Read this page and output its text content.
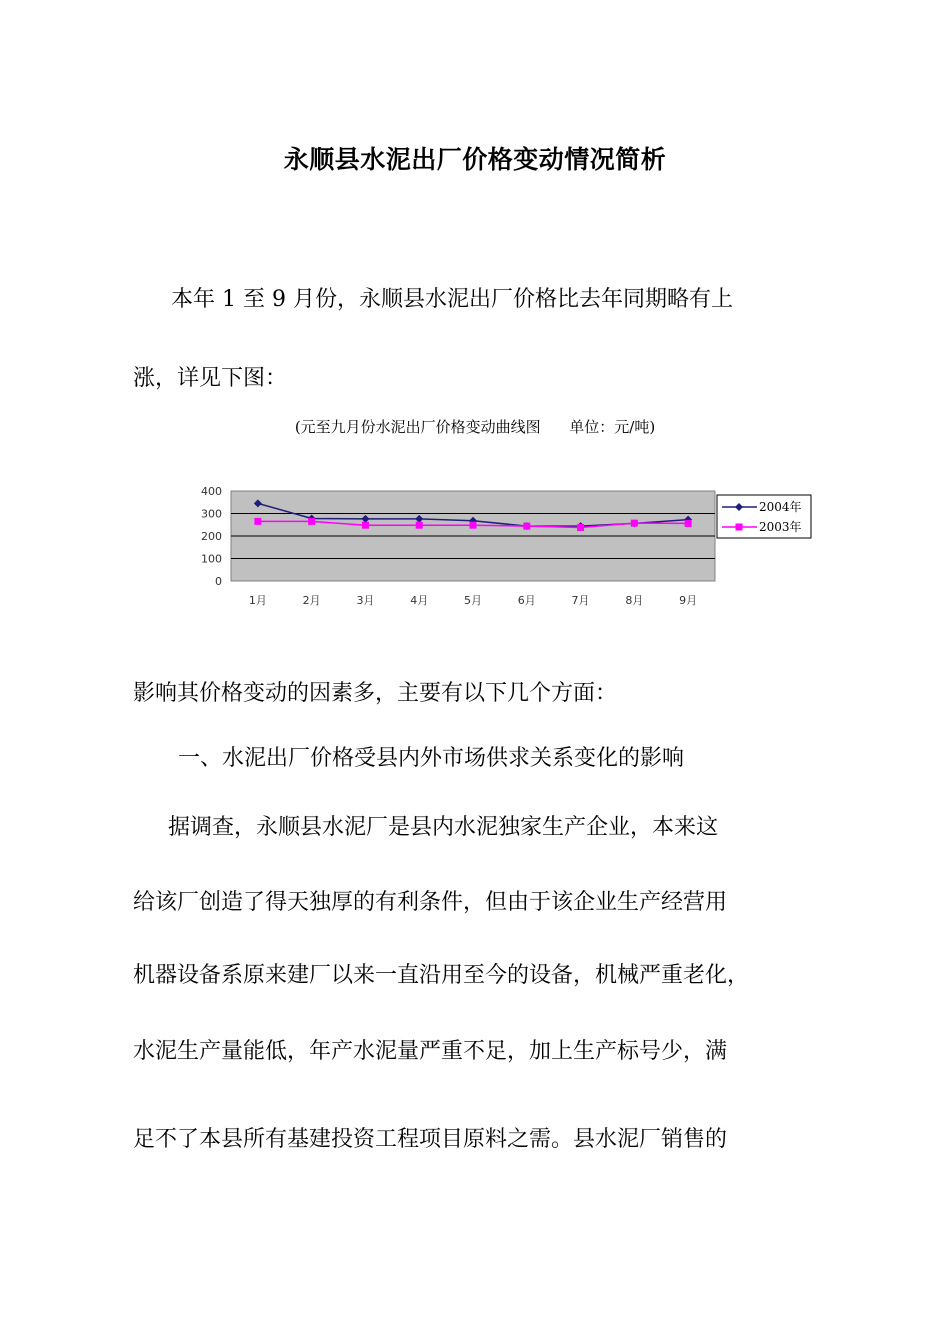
永顺县水泥出厂价格变动情况简析
本年 1 至 9 月份，永顺县水泥出厂价格比去年同期略有上
涨，详见下图：
(元至九月份水泥出厂价格变动曲线图      单位：元/吨)
0
100
200
300
400
1月	2月	3月	4月	5月	6月	7月	8月	9月
2004年
2003年
影响其价格变动的因素多，主要有以下几个方面：
一、水泥出厂价格受县内外市场供求关系变化的影响
据调查，永顺县水泥厂是县内水泥独家生产企业，本来这
给该厂创造了得天独厚的有利条件，但由于该企业生产经营用
机器设备系原来建厂以来一直沿用至今的设备，机械严重老化，
水泥生产量能低，年产水泥量严重不足，加上生产标号少，满
足不了本县所有基建投资工程项目原料之需。县水泥厂销售的
